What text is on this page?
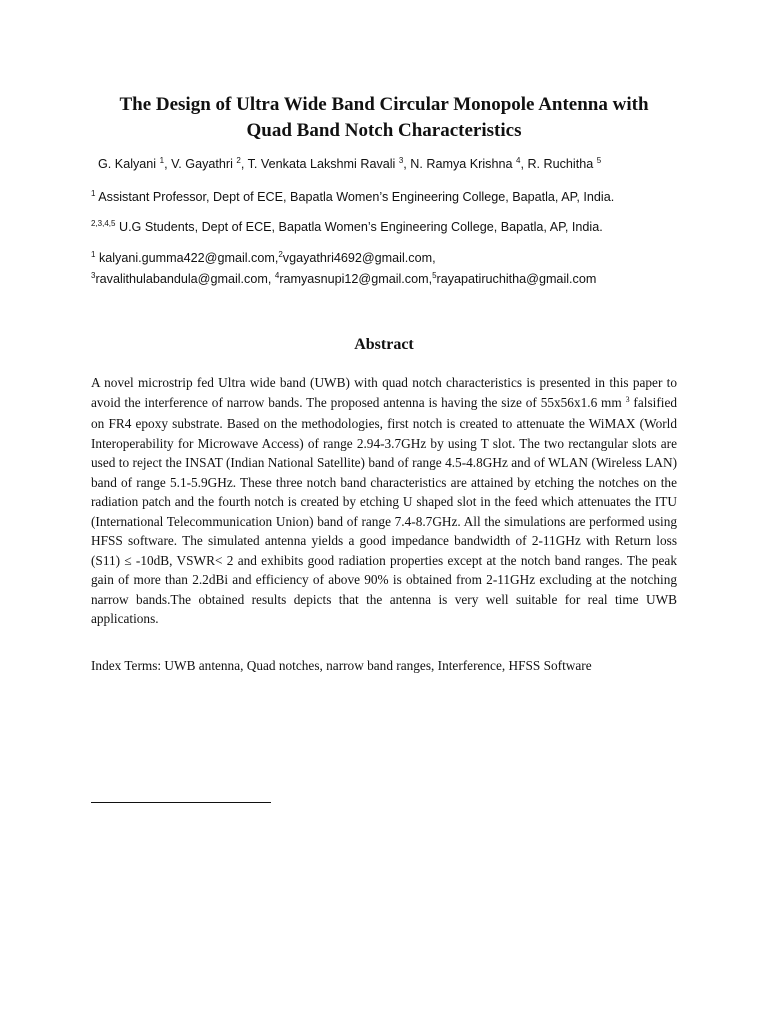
The Design of Ultra Wide Band Circular Monopole Antenna with
Quad Band Notch Characteristics

G. Kalyani $^1$, V. Gayathri $^2$, T. Venkata Lakshmi Ravali $^3$, N. Ramya Krishna $^4$, R. Ruchitha $^5$

$^1$ Assistant Professor, Dept of ECE, Bapatla Women’s Engineering College, Bapatla, AP, India.

$^{2,3,4,5}$ U.G Students, Dept of ECE, Bapatla Women’s Engineering College, Bapatla, AP, India.

$^1$ kalyani.gumma422@gmail.com,$^2$vgayathri4692@gmail.com,

$^3$ravalithulabandula@gmail.com, $^4$ramyasnupi12@gmail.com,$^5$rayapatiruchitha@gmail.com

Abstract

A novel microstrip fed Ultra wide band (UWB) with quad notch characteristics is presented in this paper to avoid the interference of narrow bands. The proposed antenna is having the size of 55x56x1.6 mm $^3$ falsified on FR4 epoxy substrate. Based on the methodologies, first notch is created to attenuate the WiMAX (World Interoperability for Microwave Access) of range 2.94-3.7GHz by using T slot. The two rectangular slots are used to reject the INSAT (Indian National Satellite) band of range 4.5-4.8GHz and of WLAN (Wireless LAN) band of range 5.1-5.9GHz. These three notch band characteristics are attained by etching the notches on the radiation patch and the fourth notch is created by etching U shaped slot in the feed which attenuates the ITU (International Telecommunication Union) band of range 7.4-8.7GHz. All the simulations are performed using HFSS software. The simulated antenna yields a good impedance bandwidth of 2-11GHz with Return loss (S11) ≤ -10dB, VSWR< 2 and exhibits good radiation properties except at the notch band ranges. The peak gain of more than 2.2dBi and efficiency of above 90% is obtained from 2-11GHz excluding at the notching narrow bands.The obtained results depicts that the antenna is very well suitable for real time UWB applications.

Index Terms: UWB antenna, Quad notches, narrow band ranges, Interference, HFSS Software
